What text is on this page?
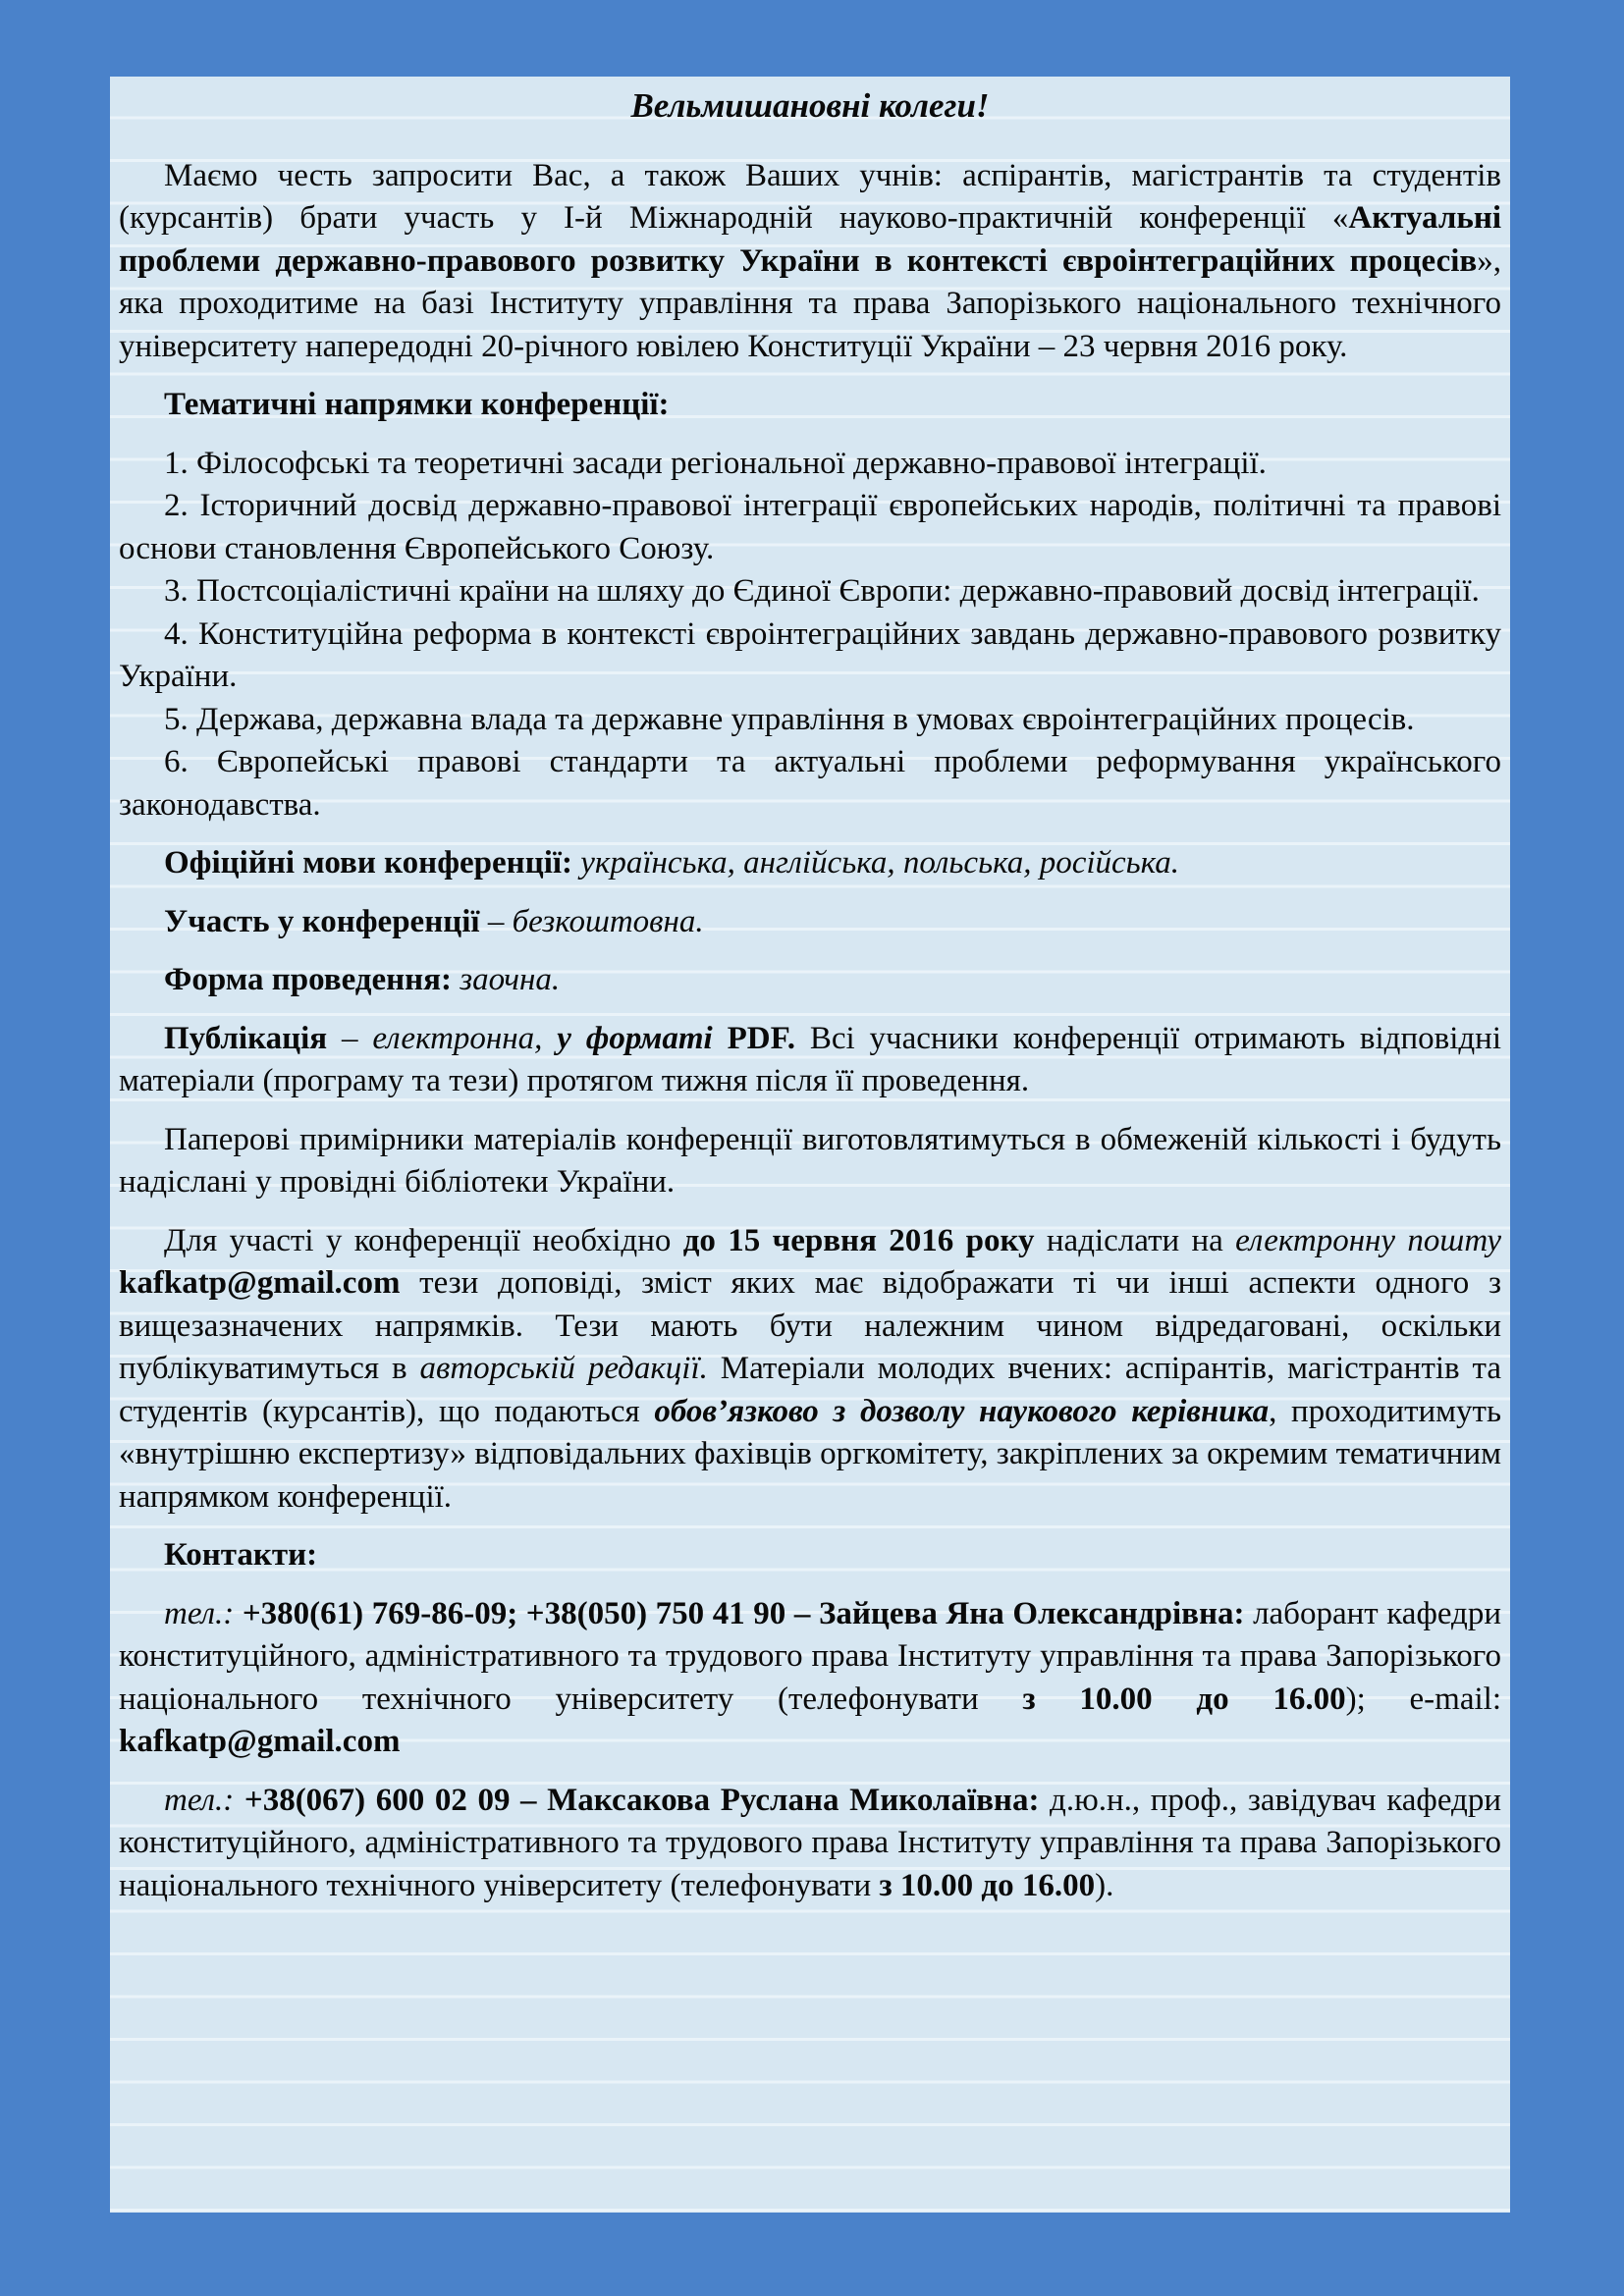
Вельмишановні колеги!

Маємо честь запросити Вас, а також Ваших учнів: аспірантів, магістрантів та студентів (курсантів) брати участь у І-й Міжнародній науково-практичній конференції «Актуальні проблеми державно-правового розвитку України в контексті євроінтеграційних процесів», яка проходитиме на базі Інституту управління та права Запорізького національного технічного університету напередодні 20-річного ювілею Конституції України – 23 червня 2016 року.

Тематичні напрямки конференції:

1. Філософські та теоретичні засади регіональної державно-правової інтеграції.

2. Історичний досвід державно-правової інтеграції європейських народів, політичні та правові основи становлення Європейського Союзу.

3. Постсоціалістичні країни на шляху до Єдиної Європи: державно-правовий досвід інтеграції.

4. Конституційна реформа в контексті євроінтеграційних завдань державно-правового розвитку України.

5. Держава, державна влада та державне управління в умовах євроінтеграційних процесів.

6. Європейські правові стандарти та актуальні проблеми реформування українського законодавства.

Офіційні мови конференції: українська, англійська, польська, російська.

Участь у конференції – безкоштовна.

Форма проведення: заочна.

Публікація – електронна, у форматі PDF. Всі учасники конференції отримають відповідні матеріали (програму та тези) протягом тижня після її проведення.

Паперові примірники матеріалів конференції виготовлятимуться в обмеженій кількості і будуть надіслані у провідні бібліотеки України.

Для участі у конференції необхідно до 15 червня 2016 року надіслати на електронну пошту kafkatp@gmail.com тези доповіді, зміст яких має відображати ті чи інші аспекти одного з вищезазначених напрямків. Тези мають бути належним чином відредаговані, оскільки публікуватимуться в авторській редакції. Матеріали молодих вчених: аспірантів, магістрантів та студентів (курсантів), що подаються обов’язково з дозволу наукового керівника, проходитимуть «внутрішню експертизу» відповідальних фахівців оргкомітету, закріплених за окремим тематичним напрямком конференції.

Контакти:

тел.: +380(61) 769-86-09; +38(050) 750 41 90 – Зайцева Яна Олександрівна: лаборант кафедри конституційного, адміністративного та трудового права Інституту управління та права Запорізького національного технічного університету (телефонувати з 10.00 до 16.00); e-mail: kafkatp@gmail.com

тел.: +38(067) 600 02 09 – Максакова Руслана Миколаївна: д.ю.н., проф., завідувач кафедри конституційного, адміністративного та трудового права Інституту управління та права Запорізького національного технічного університету (телефонувати з 10.00 до 16.00).
